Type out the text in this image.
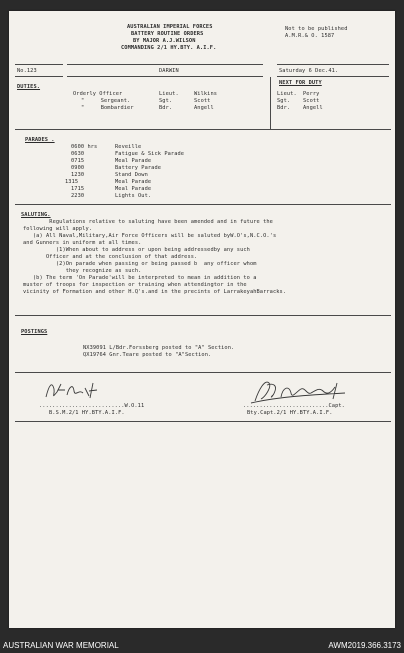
AUSTRALIAN IMPERIAL FORCES
BATTERY ROUTINE ORDERS
BY MAJOR A.J.WILSON
COMMANDING 2/1 HY.BTY. A.I.F.
Not to be published
A.M.R.& O. 1587
No.123	DARWIN	Saturday 6 Dec.41.
DUTIES.
NEXT FOR DUTY
Orderly Officer	Lieut.	Wilkins	Lieut. Perry
"     Sergeant.	Sgt.	Scott	Sgt. Scott
"     Bombardier	Bdr.	Angell	Bdr. Angell
PARADES .
0600 hrs	Reveille
0630	Fatigue & Sick Parade
0715	Meal Parade
0900	Battery Parade
1230	Stand Down
1315	Meal Parade
1715	Meal Parade
2230	Lights Out.
SALUTING.
Regulations relative to saluting have been amended and in future the
following will apply.
(a) All Naval,Military,Air Force Officers will be saluted byW.O's,N.C.O.'s
and Gunners in uniform at all times.
(1)When about to address or upon being addressedby any such
Officer and at the conclusion of that address.
(2)On parade when passing or being passed b  any officer whom
they recognize as such.
(b) The term 'On Parade'will be interpreted to mean in addition to a
muster of troops for inspection or training when attendingtor in the
vicinity of Formation and other H.Q's.and in the precints of LarrakeyahBarracks.
POSTINGS
NX39091 L/Bdr.Forssberg posted to "A" Section.
QX19764 Gnr.Teare posted to "A"Section.
..........................W.O.11
B.S.M.2/1 HY.BTY.A.I.F.
..........................Capt.
Bty.Capt.2/1 HY.BTY.A.I.F.
AUSTRALIAN WAR MEMORIAL	AWM2019.366.3173
